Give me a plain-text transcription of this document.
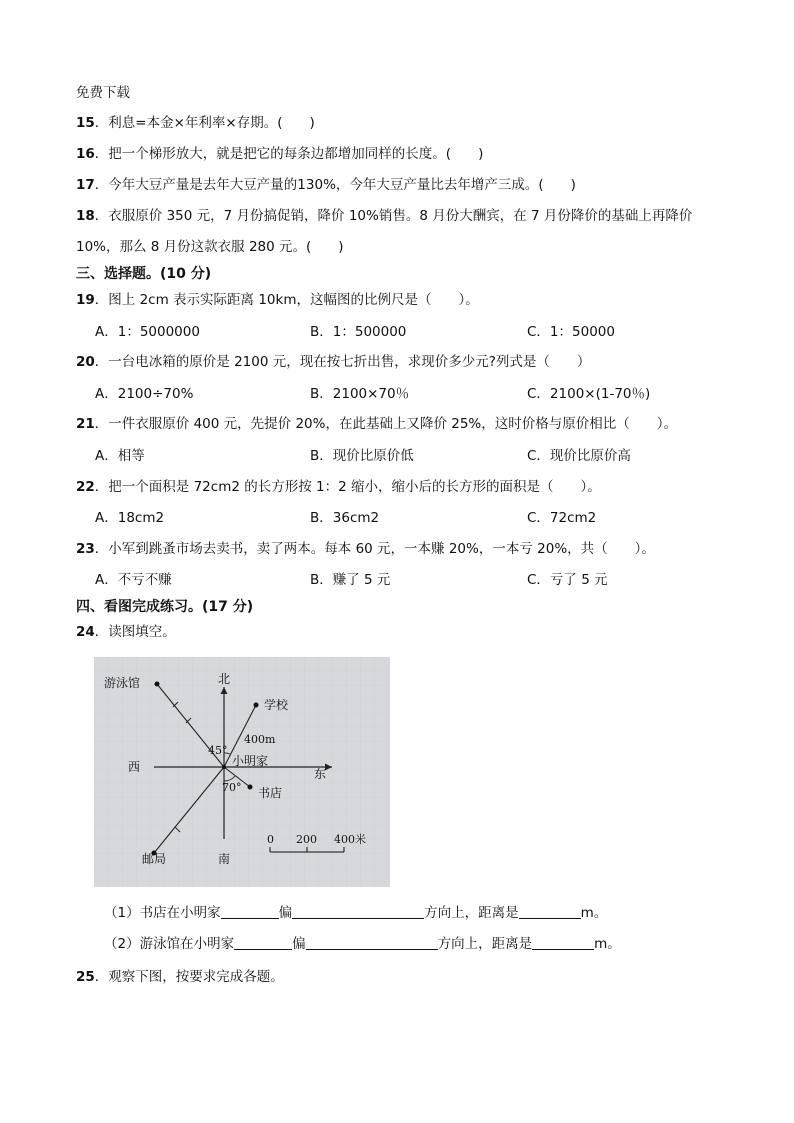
免费下载
15．利息=本金×年利率×存期。(　　)
16．把一个梯形放大，就是把它的每条边都增加同样的长度。(　　)
17．今年大豆产量是去年大豆产量的130%，今年大豆产量比去年增产三成。(　　)
18．衣服原价 350 元，7 月份搞促销，降价 10%销售。8 月份大酬宾，在 7 月份降价的基础上再降价
10%，那么 8 月份这款衣服 280 元。(　　)
三、选择题。(10 分)
19．图上 2cm 表示实际距离 10km，这幅图的比例尺是（　　）。
A．1：5000000	B．1：500000	C．1：50000
20．一台电冰箱的原价是 2100 元，现在按七折出售，求现价多少元?列式是（　　）
A．2100÷70%	B．2100×70％	C．2100×(1-70％)
21．一件衣服原价 400 元，先提价 20%，在此基础上又降价 25%，这时价格与原价相比（　　）。
A．相等	B．现价比原价低	C．现价比原价高
22．把一个面积是 72cm2 的长方形按 1：2 缩小，缩小后的长方形的面积是（　　）。
A．18cm2	B．36cm2	C．72cm2
23．小军到跳蚤市场去卖书，卖了两本。每本 60 元，一本赚 20%，一本亏 20%，共（　　）。
A．不亏不赚	B．赚了 5 元	C．亏了 5 元
四、看图完成练习。(17 分)
24．读图填空。
游泳馆	北
学校
400m
45°
小明家
西	东
70° 书店
邮局	南
0 200 400米
（1）书店在小明家	偏	方向上，距离是	m。
（2）游泳馆在小明家	偏	方向上，距离是	m。
25．观察下图，按要求完成各题。
